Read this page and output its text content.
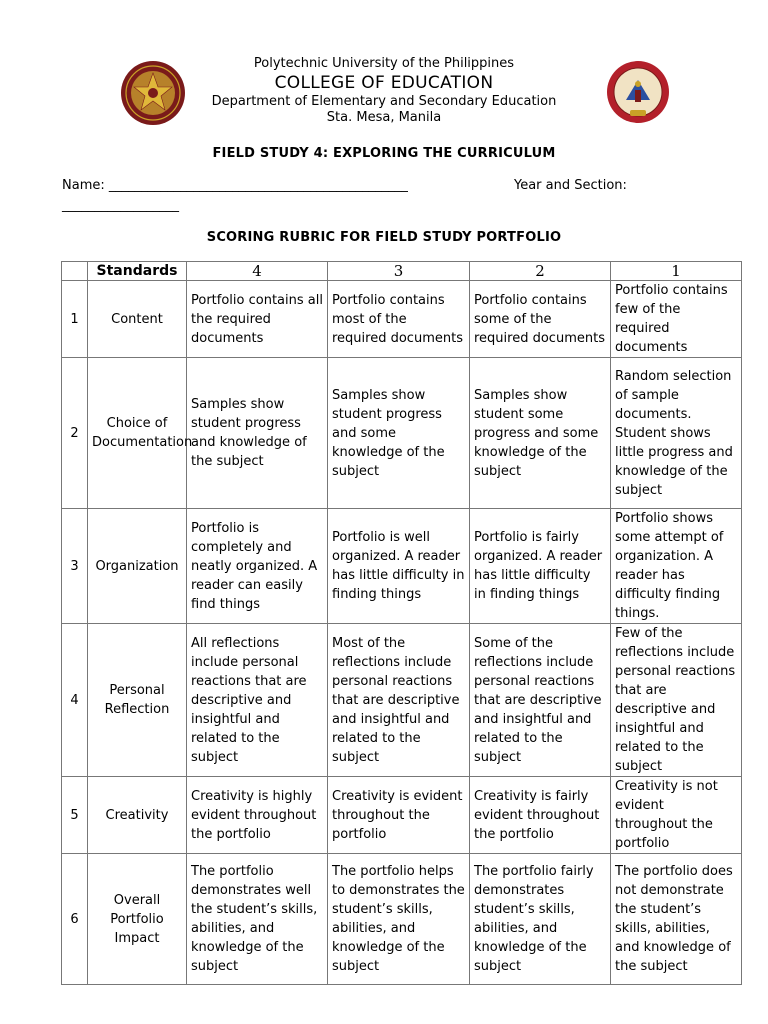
Polytechnic University of the Philippines
COLLEGE OF EDUCATION
Department of Elementary and Secondary Education
Sta. Mesa, Manila
FIELD STUDY 4: EXPLORING THE CURRICULUM
Name: ______________________________________________	Year and Section:
__________________
SCORING RUBRIC FOR FIELD STUDY PORTFOLIO
	Standards	4	3	2	1
1	Content	Portfolio contains all the required documents	Portfolio contains most of the required documents	Portfolio contains some of the required documents	Portfolio contains few of the required documents
2	Choice of Documentation	Samples show student progress and knowledge of the subject	Samples show student progress and some knowledge of the subject	Samples show student some progress and some knowledge of the subject	Random selection of sample documents. Student shows little progress and knowledge of the subject
3	Organization	Portfolio is completely and neatly organized. A reader can easily find things	Portfolio is well organized. A reader has little difficulty in finding things	Portfolio is fairly organized. A reader has little difficulty in finding things	Portfolio shows some attempt of organization. A reader has difficulty finding things.
4	Personal Reflection	All reflections include personal reactions that are descriptive and insightful and related to the subject	Most of the reflections include personal reactions that are descriptive and insightful and related to the subject	Some of the reflections include personal reactions that are descriptive and insightful and related to the subject	Few of the reflections include personal reactions that are descriptive and insightful and related to the subject
5	Creativity	Creativity is highly evident throughout the portfolio	Creativity is evident throughout the portfolio	Creativity is fairly evident throughout the portfolio	Creativity is not evident throughout the portfolio
6	Overall Portfolio Impact	The portfolio demonstrates well the student’s skills, abilities, and knowledge of the subject	The portfolio helps to demonstrates the student’s skills, abilities, and knowledge of the subject	The portfolio fairly demonstrates student’s skills, abilities, and knowledge of the subject	The portfolio does not demonstrate the student’s skills, abilities, and knowledge of the subject
